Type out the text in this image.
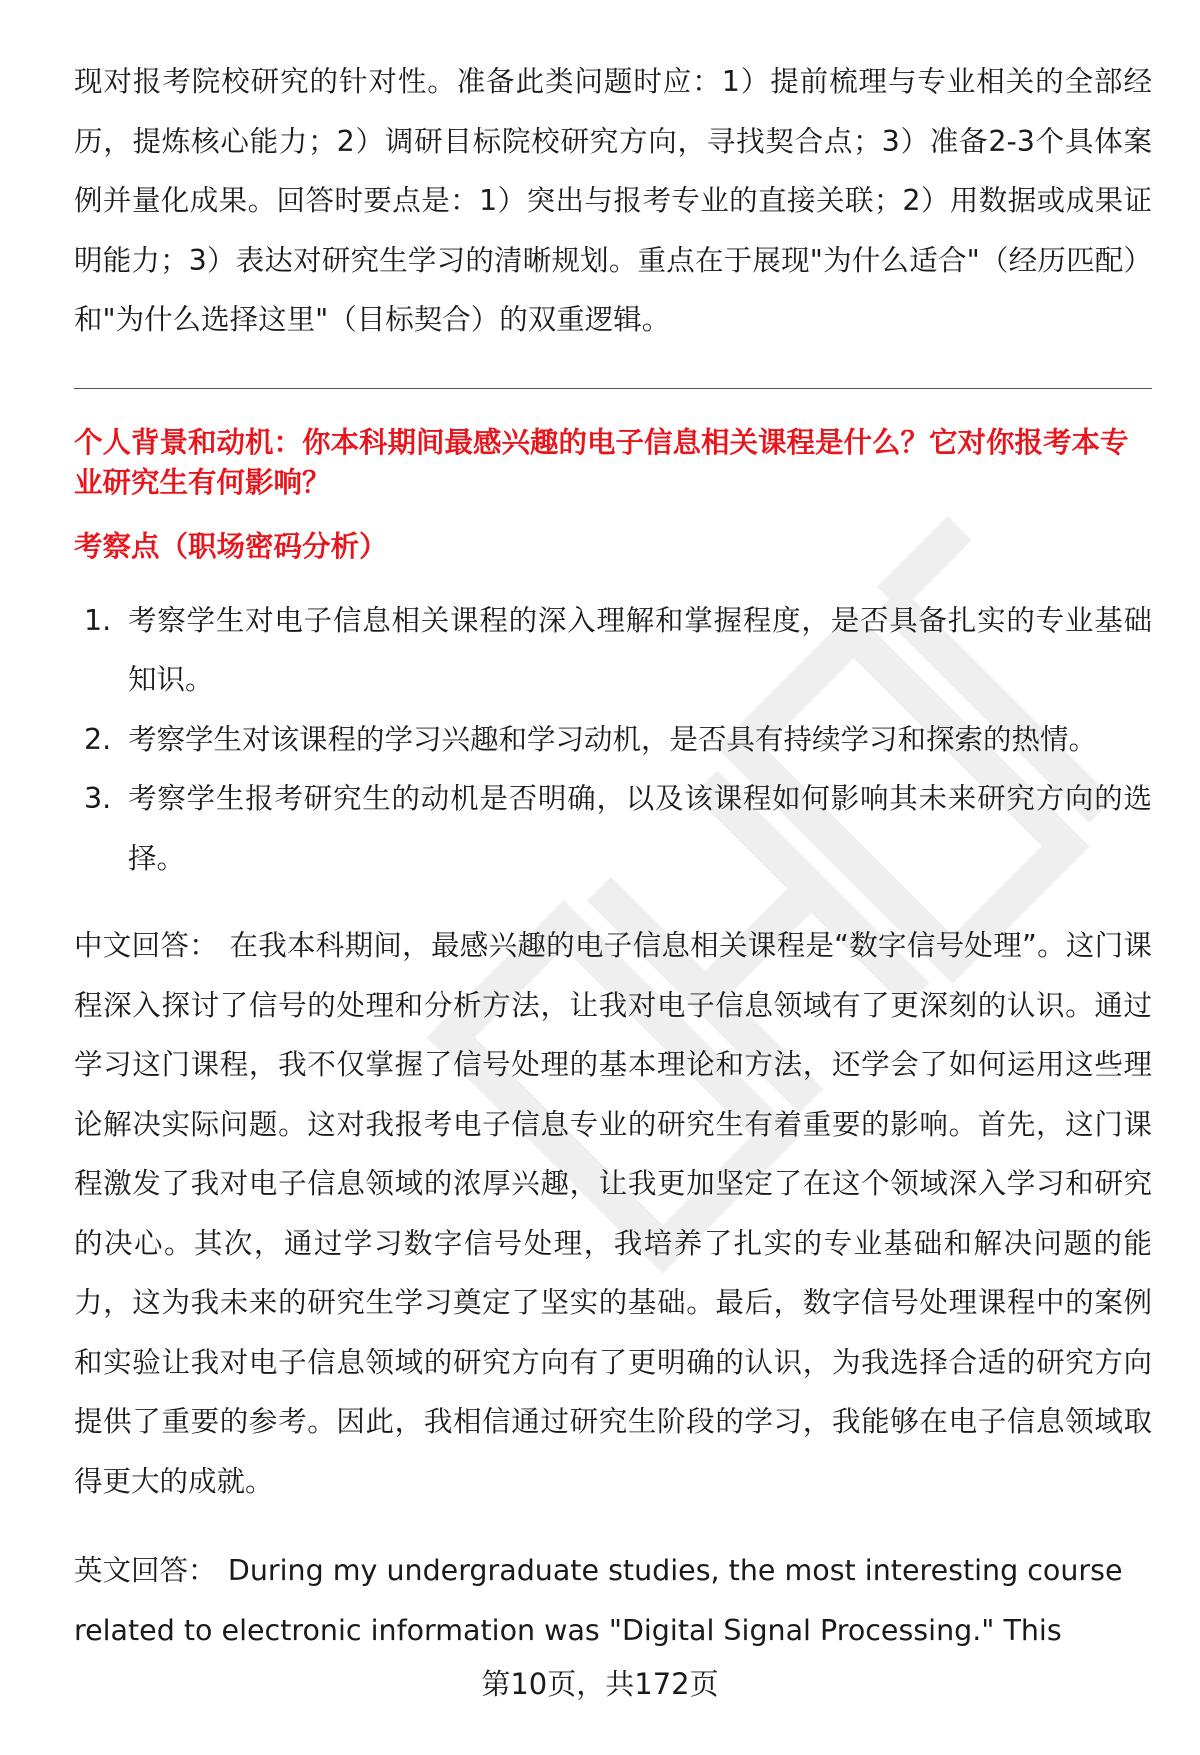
现对报考院校研究的针对性。准备此类问题时应：1）提前梳理与专业相关的全部经历，提炼核心能力；2）调研目标院校研究方向，寻找契合点；3）准备2-3个具体案例并量化成果。回答时要点是：1）突出与报考专业的直接关联；2）用数据或成果证明能力；3）表达对研究生学习的清晰规划。重点在于展现"为什么适合"（经历匹配）和"为什么选择这里"（目标契合）的双重逻辑。

个人背景和动机：你本科期间最感兴趣的电子信息相关课程是什么？它对你报考本专业研究生有何影响？
考察点（职场密码分析）
1. 考察学生对电子信息相关课程的深入理解和掌握程度，是否具备扎实的专业基础知识。
2. 考察学生对该课程的学习兴趣和学习动机，是否具有持续学习和探索的热情。
3. 考察学生报考研究生的动机是否明确，以及该课程如何影响其未来研究方向的选择。

中文回答： 在我本科期间，最感兴趣的电子信息相关课程是“数字信号处理”。这门课程深入探讨了信号的处理和分析方法，让我对电子信息领域有了更深刻的认识。通过学习这门课程，我不仅掌握了信号处理的基本理论和方法，还学会了如何运用这些理论解决实际问题。这对我报考电子信息专业的研究生有着重要的影响。首先，这门课程激发了我对电子信息领域的浓厚兴趣，让我更加坚定了在这个领域深入学习和研究的决心。其次，通过学习数字信号处理，我培养了扎实的专业基础和解决问题的能力，这为我未来的研究生学习奠定了坚实的基础。最后，数字信号处理课程中的案例和实验让我对电子信息领域的研究方向有了更明确的认识，为我选择合适的研究方向提供了重要的参考。因此，我相信通过研究生阶段的学习，我能够在电子信息领域取得更大的成就。

英文回答： During my undergraduate studies, the most interesting course related to electronic information was "Digital Signal Processing." This

第10页，共172页
